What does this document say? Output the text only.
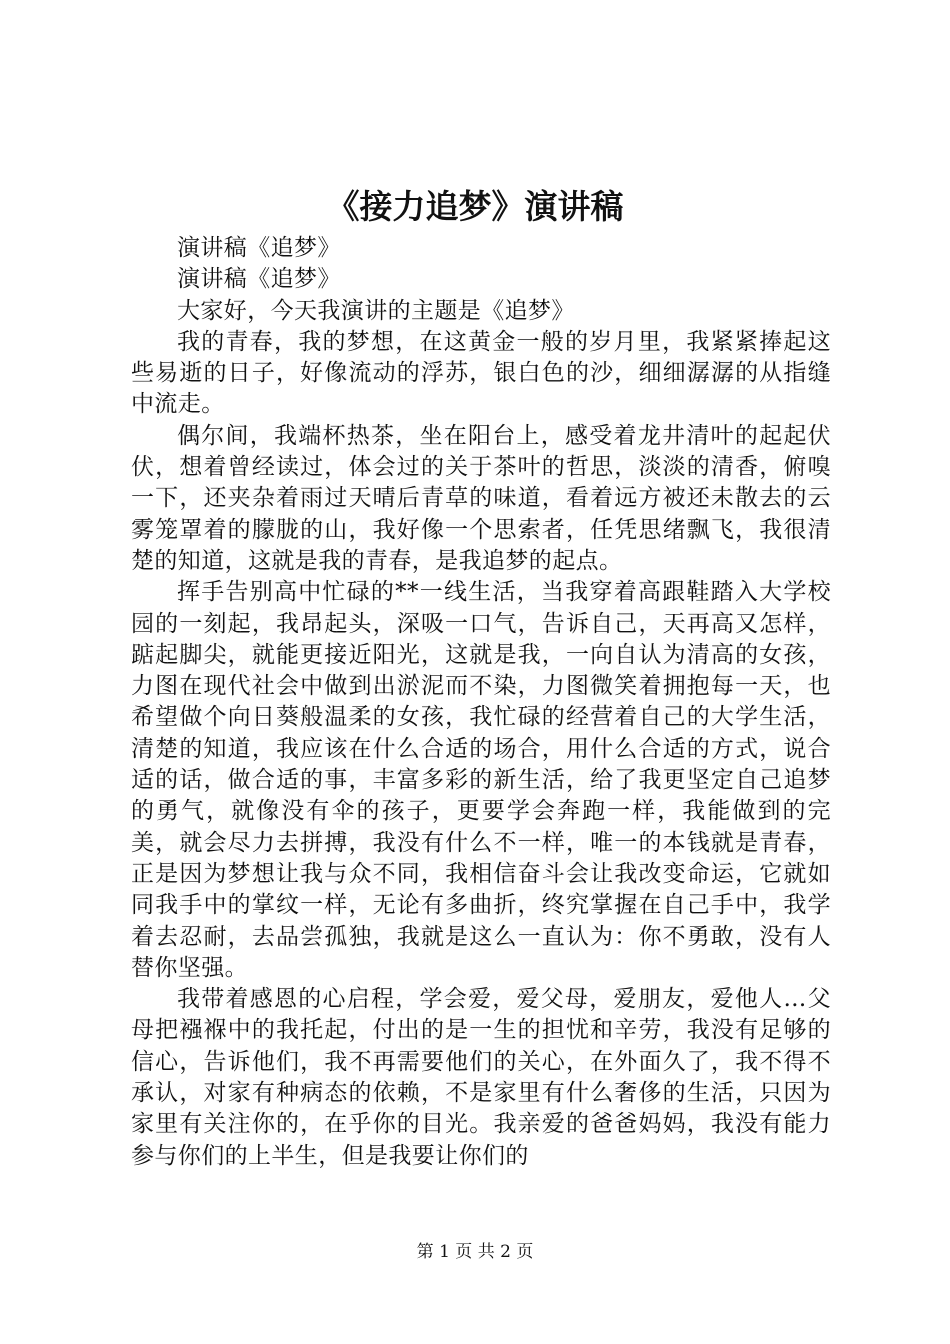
《接力追梦》演讲稿

演讲稿《追梦》

演讲稿《追梦》

大家好，今天我演讲的主题是《追梦》

我的青春，我的梦想，在这黄金一般的岁月里，我紧紧捧起这些易逝的日子，好像流动的浮苏，银白色的沙，细细潺潺的从指缝中流走。

偶尔间，我端杯热茶，坐在阳台上，感受着龙井清叶的起起伏伏，想着曾经读过，体会过的关于茶叶的哲思，淡淡的清香，俯嗅一下，还夹杂着雨过天晴后青草的味道，看着远方被还未散去的云雾笼罩着的朦胧的山，我好像一个思索者，任凭思绪飘飞，我很清楚的知道，这就是我的青春，是我追梦的起点。

挥手告别高中忙碌的**一线生活，当我穿着高跟鞋踏入大学校园的一刻起，我昂起头，深吸一口气，告诉自己，天再高又怎样，踮起脚尖，就能更接近阳光，这就是我，一向自认为清高的女孩，力图在现代社会中做到出淤泥而不染，力图微笑着拥抱每一天，也希望做个向日葵般温柔的女孩，我忙碌的经营着自己的大学生活，清楚的知道，我应该在什么合适的场合，用什么合适的方式，说合适的话，做合适的事，丰富多彩的新生活，给了我更坚定自己追梦的勇气，就像没有伞的孩子，更要学会奔跑一样，我能做到的完美，就会尽力去拼搏，我没有什么不一样，唯一的本钱就是青春，正是因为梦想让我与众不同，我相信奋斗会让我改变命运，它就如同我手中的掌纹一样，无论有多曲折，终究掌握在自己手中，我学着去忍耐，去品尝孤独，我就是这么一直认为：你不勇敢，没有人替你坚强。

我带着感恩的心启程，学会爱，爱父母，爱朋友，爱他人…父母把襁褓中的我托起，付出的是一生的担忧和辛劳，我没有足够的信心，告诉他们，我不再需要他们的关心，在外面久了，我不得不承认，对家有种病态的依赖，不是家里有什么奢侈的生活，只因为家里有关注你的，在乎你的目光。我亲爱的爸爸妈妈，我没有能力参与你们的上半生，但是我要让你们的

第 1 页 共 2 页
